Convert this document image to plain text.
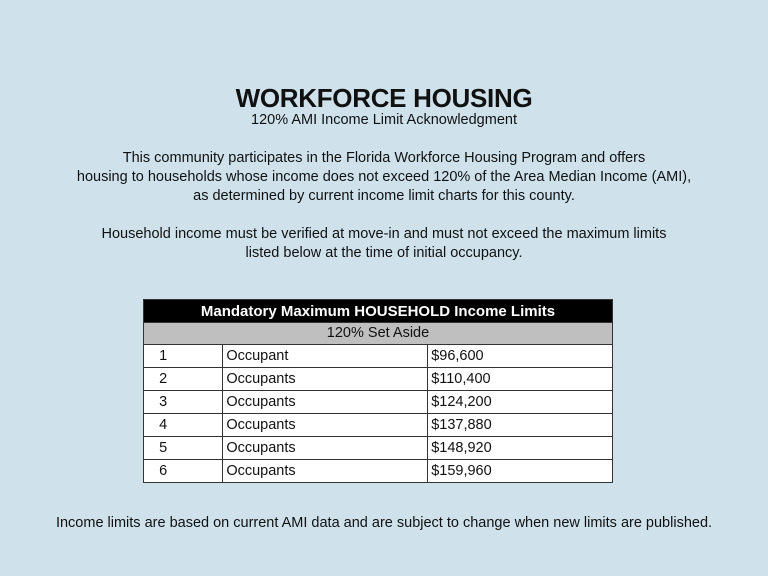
WORKFORCE HOUSING
120% AMI Income Limit Acknowledgment
This community participates in the Florida Workforce Housing Program and offers
housing to households whose income does not exceed 120% of the Area Median Income (AMI),
as determined by current income limit charts for this county.
Household income must be verified at move-in and must not exceed the maximum limits
listed below at the time of initial occupancy.
Mandatory Maximum HOUSEHOLD Income Limits		
120% Set Aside		
1	Occupant	$96,600
2	Occupants	$110,400
3	Occupants	$124,200
4	Occupants	$137,880
5	Occupants	$148,920
6	Occupants	$159,960
Income limits are based on current AMI data and are subject to change when new limits are published.
